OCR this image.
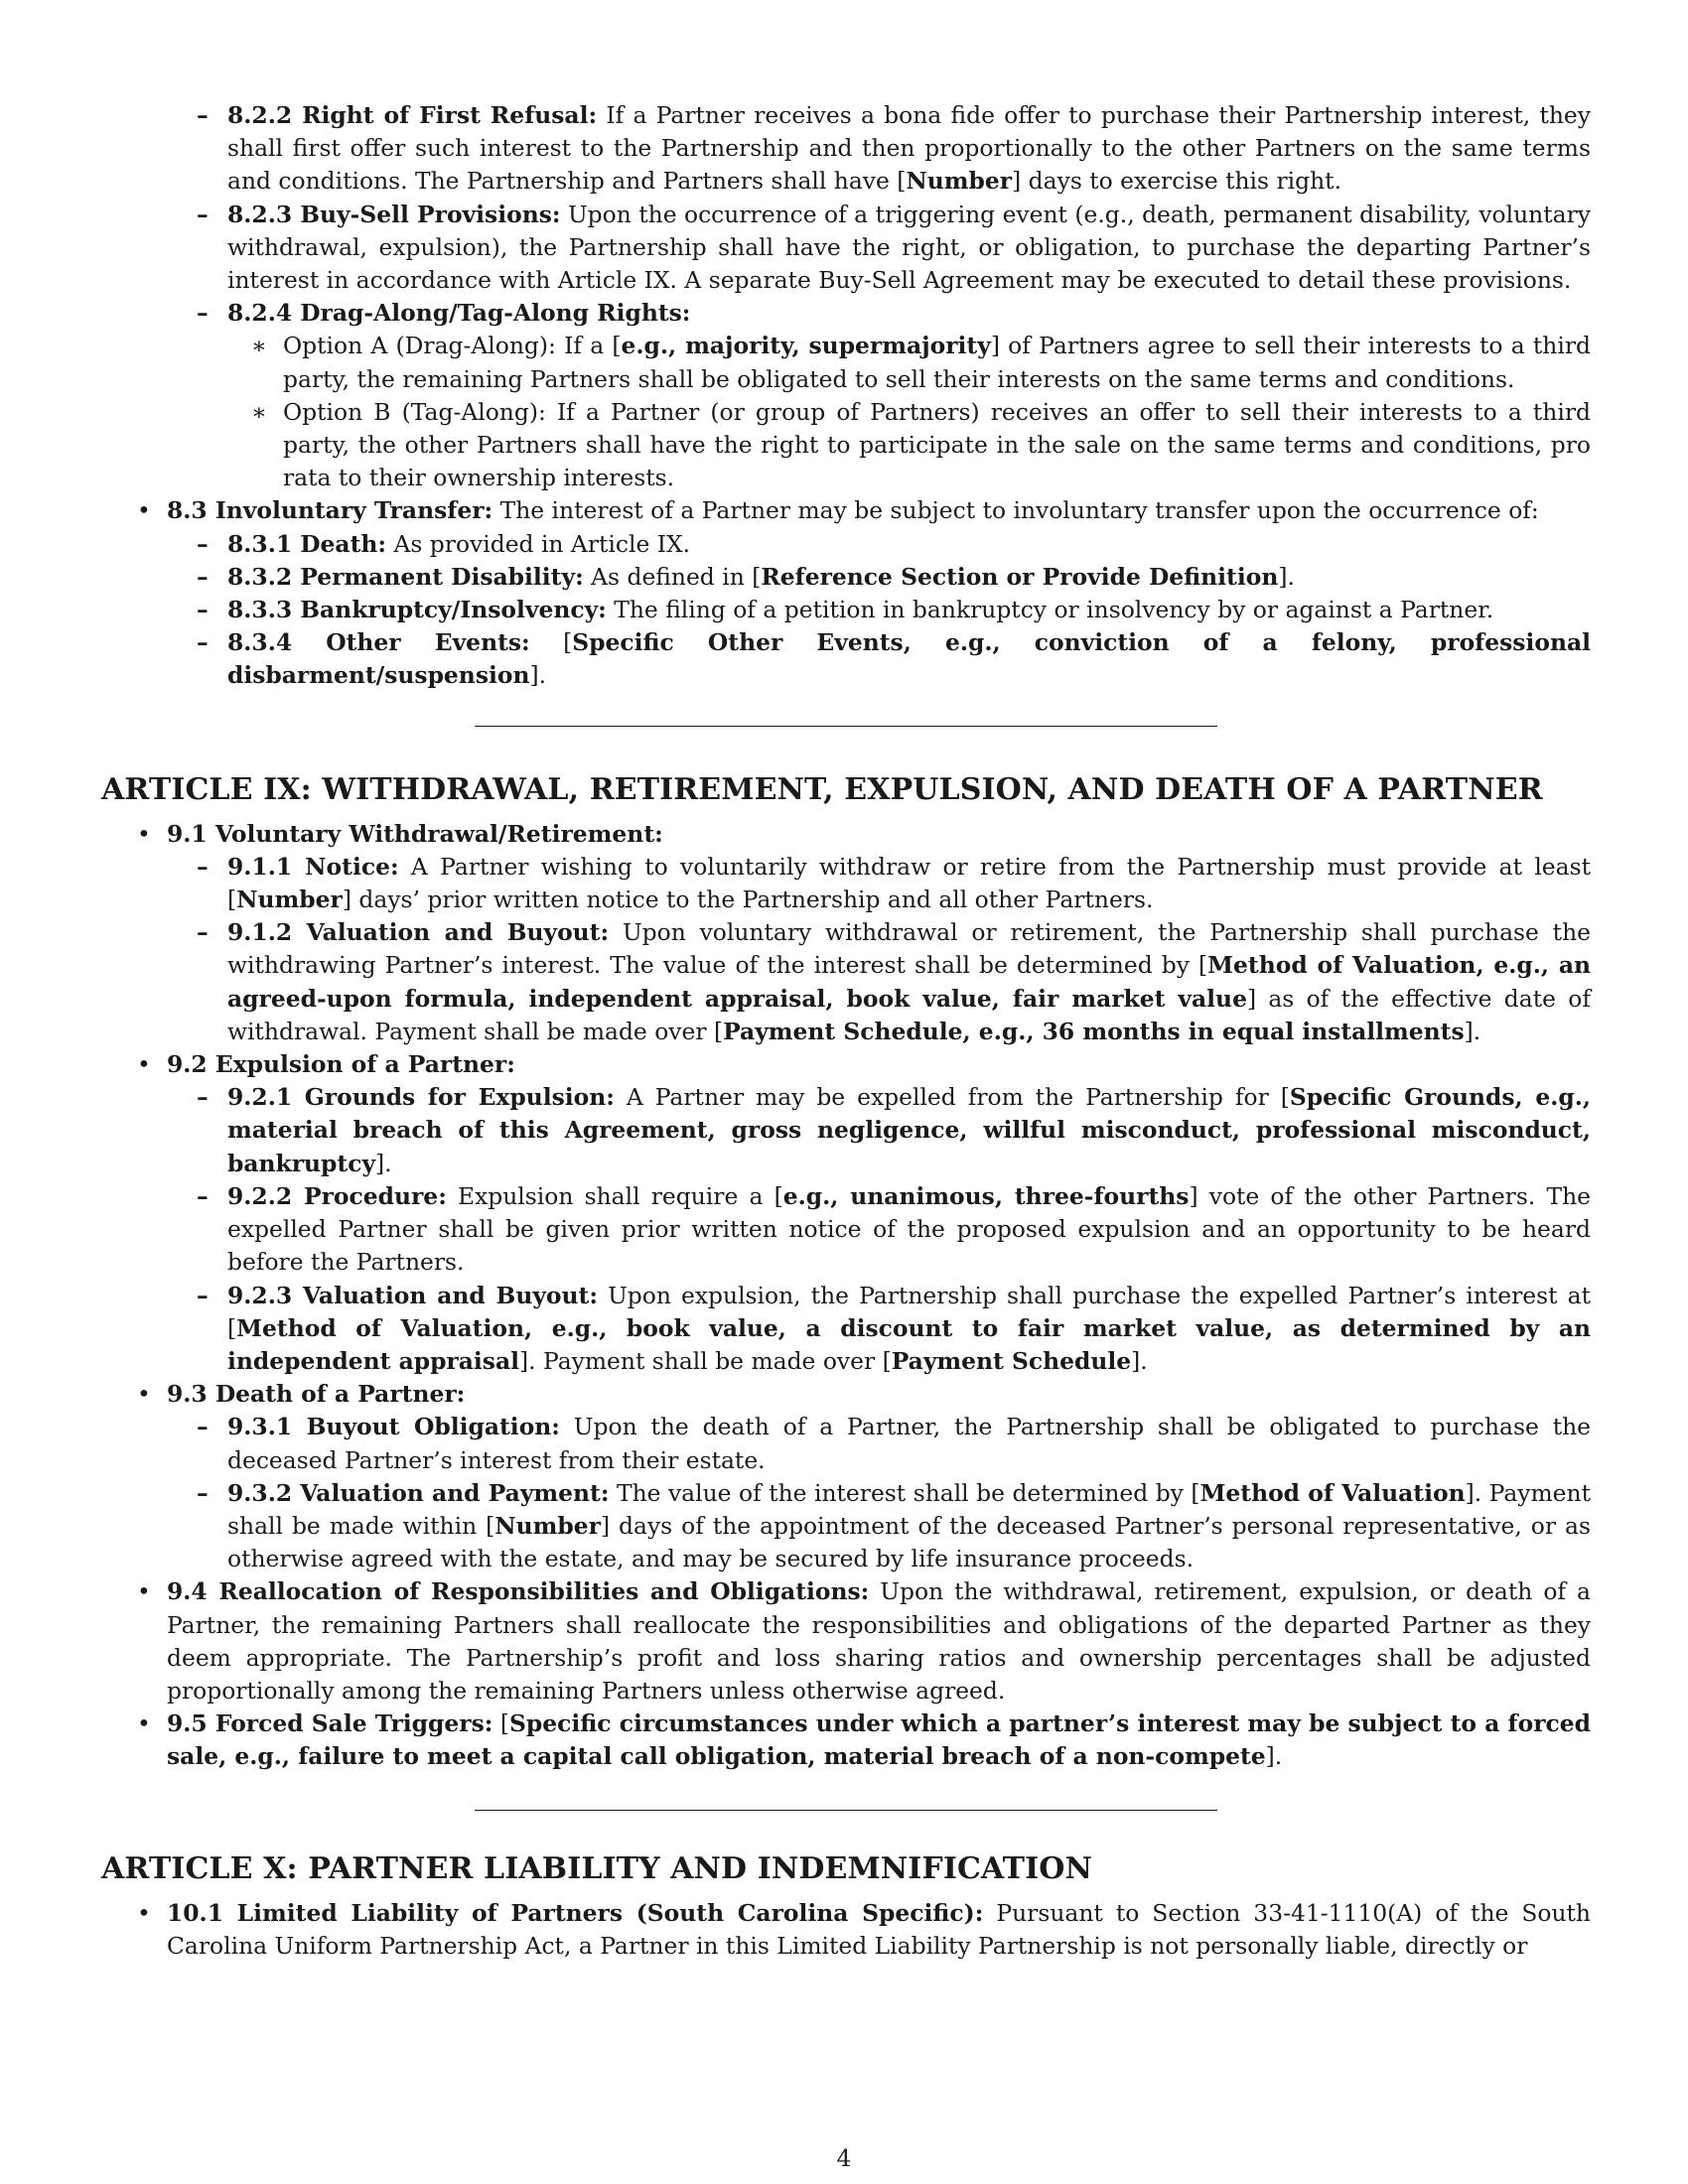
– 8.2.2 Right of First Refusal: If a Partner receives a bona fide offer to purchase their Partnership interest, they shall first offer such interest to the Partnership and then proportionally to the other Partners on the same terms and conditions. The Partnership and Partners shall have [Number] days to exercise this right.
– 8.2.3 Buy-Sell Provisions: Upon the occurrence of a triggering event (e.g., death, permanent disability, voluntary withdrawal, expulsion), the Partnership shall have the right, or obligation, to purchase the departing Partner’s interest in accordance with Article IX. A separate Buy-Sell Agreement may be executed to detail these provisions.
– 8.2.4 Drag-Along/Tag-Along Rights:
∗ Option A (Drag-Along): If a [e.g., majority, supermajority] of Partners agree to sell their interests to a third party, the remaining Partners shall be obligated to sell their interests on the same terms and conditions.
∗ Option B (Tag-Along): If a Partner (or group of Partners) receives an offer to sell their interests to a third party, the other Partners shall have the right to participate in the sale on the same terms and conditions, pro rata to their ownership interests.
• 8.3 Involuntary Transfer: The interest of a Partner may be subject to involuntary transfer upon the occurrence of:
– 8.3.1 Death: As provided in Article IX.
– 8.3.2 Permanent Disability: As defined in [Reference Section or Provide Definition].
– 8.3.3 Bankruptcy/Insolvency: The filing of a petition in bankruptcy or insolvency by or against a Partner.
– 8.3.4 Other Events: [Specific Other Events, e.g., conviction of a felony, professional disbarment/suspension].
ARTICLE IX: WITHDRAWAL, RETIREMENT, EXPULSION, AND DEATH OF A PARTNER
• 9.1 Voluntary Withdrawal/Retirement:
– 9.1.1 Notice: A Partner wishing to voluntarily withdraw or retire from the Partnership must provide at least [Number] days’ prior written notice to the Partnership and all other Partners.
– 9.1.2 Valuation and Buyout: Upon voluntary withdrawal or retirement, the Partnership shall purchase the withdrawing Partner’s interest. The value of the interest shall be determined by [Method of Valuation, e.g., an agreed-upon formula, independent appraisal, book value, fair market value] as of the effective date of withdrawal. Payment shall be made over [Payment Schedule, e.g., 36 months in equal installments].
• 9.2 Expulsion of a Partner:
– 9.2.1 Grounds for Expulsion: A Partner may be expelled from the Partnership for [Specific Grounds, e.g., material breach of this Agreement, gross negligence, willful misconduct, professional misconduct, bankruptcy].
– 9.2.2 Procedure: Expulsion shall require a [e.g., unanimous, three-fourths] vote of the other Partners. The expelled Partner shall be given prior written notice of the proposed expulsion and an opportunity to be heard before the Partners.
– 9.2.3 Valuation and Buyout: Upon expulsion, the Partnership shall purchase the expelled Partner’s interest at [Method of Valuation, e.g., book value, a discount to fair market value, as determined by an independent appraisal]. Payment shall be made over [Payment Schedule].
• 9.3 Death of a Partner:
– 9.3.1 Buyout Obligation: Upon the death of a Partner, the Partnership shall be obligated to purchase the deceased Partner’s interest from their estate.
– 9.3.2 Valuation and Payment: The value of the interest shall be determined by [Method of Valuation]. Payment shall be made within [Number] days of the appointment of the deceased Partner’s personal representative, or as otherwise agreed with the estate, and may be secured by life insurance proceeds.
• 9.4 Reallocation of Responsibilities and Obligations: Upon the withdrawal, retirement, expulsion, or death of a Partner, the remaining Partners shall reallocate the responsibilities and obligations of the departed Partner as they deem appropriate. The Partnership’s profit and loss sharing ratios and ownership percentages shall be adjusted proportionally among the remaining Partners unless otherwise agreed.
• 9.5 Forced Sale Triggers: [Specific circumstances under which a partner’s interest may be subject to a forced sale, e.g., failure to meet a capital call obligation, material breach of a non-compete].
ARTICLE X: PARTNER LIABILITY AND INDEMNIFICATION
• 10.1 Limited Liability of Partners (South Carolina Specific): Pursuant to Section 33-41-1110(A) of the South Carolina Uniform Partnership Act, a Partner in this Limited Liability Partnership is not personally liable, directly or
4
